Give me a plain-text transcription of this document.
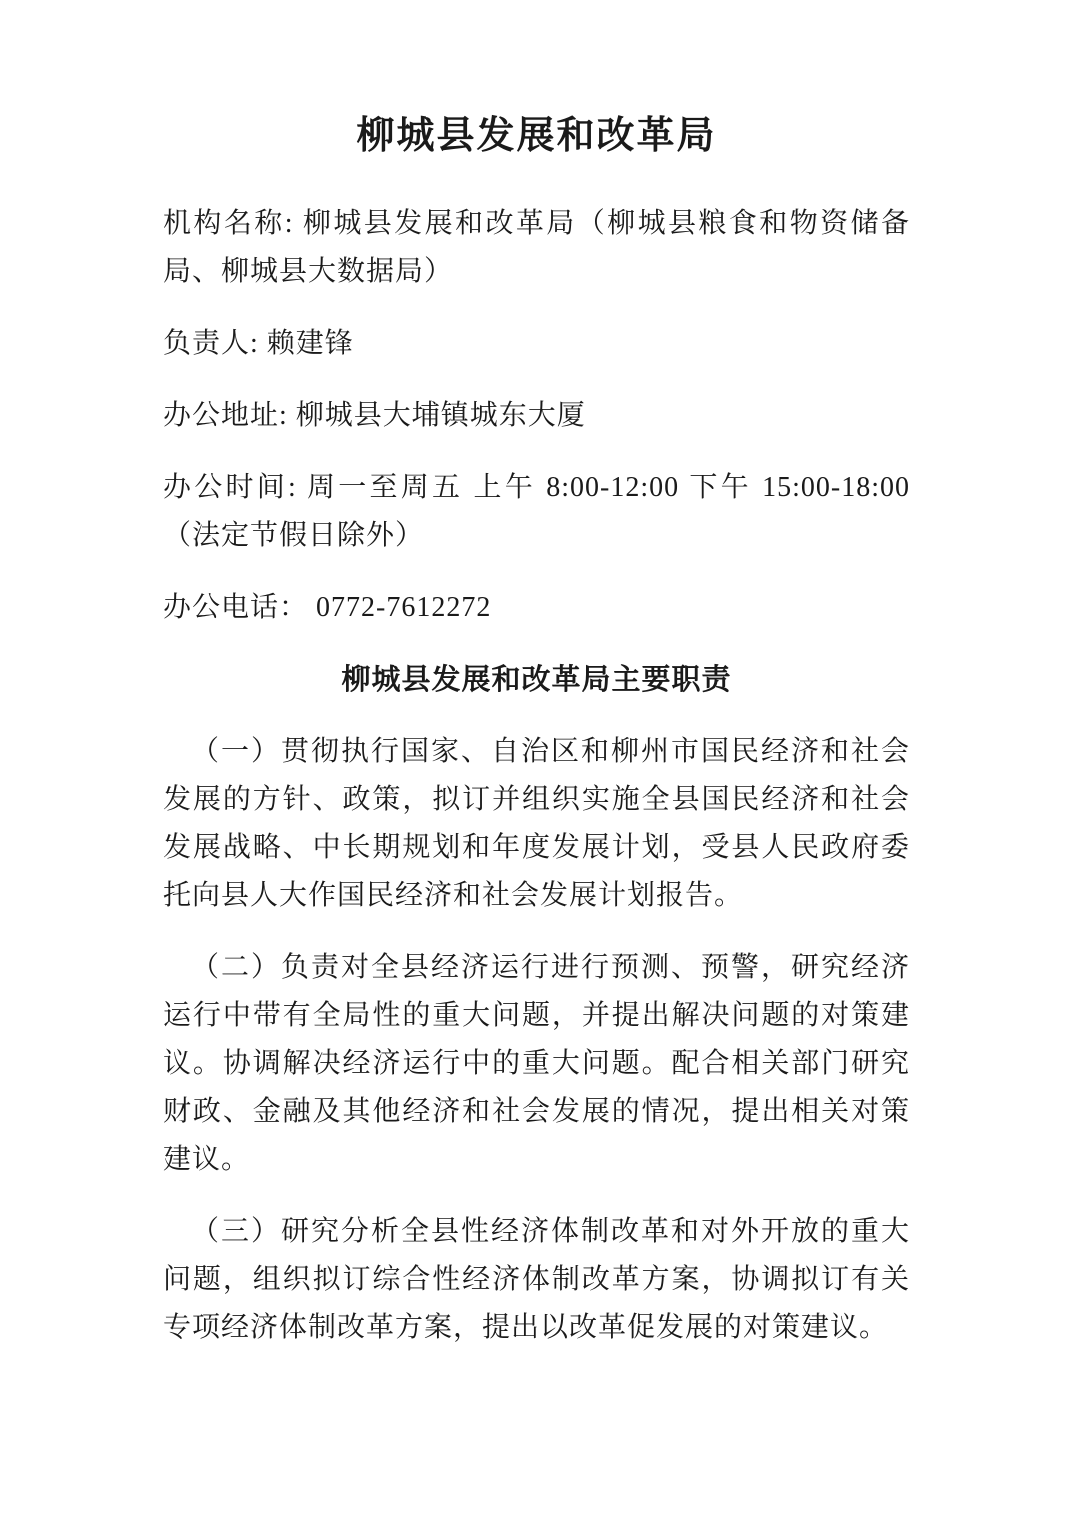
柳城县发展和改革局

机构名称: 柳城县发展和改革局（柳城县粮食和物资储备局、柳城县大数据局）

负责人: 赖建锋

办公地址: 柳城县大埔镇城东大厦

办公时间: 周一至周五 上午 8:00-12:00 下午 15:00-18:00（法定节假日除外）

办公电话： 0772-7612272

柳城县发展和改革局主要职责

（一）贯彻执行国家、自治区和柳州市国民经济和社会发展的方针、政策，拟订并组织实施全县国民经济和社会发展战略、中长期规划和年度发展计划，受县人民政府委托向县人大作国民经济和社会发展计划报告。

（二）负责对全县经济运行进行预测、预警，研究经济运行中带有全局性的重大问题，并提出解决问题的对策建议。协调解决经济运行中的重大问题。配合相关部门研究财政、金融及其他经济和社会发展的情况，提出相关对策建议。

（三）研究分析全县性经济体制改革和对外开放的重大问题，组织拟订综合性经济体制改革方案，协调拟订有关专项经济体制改革方案，提出以改革促发展的对策建议。
